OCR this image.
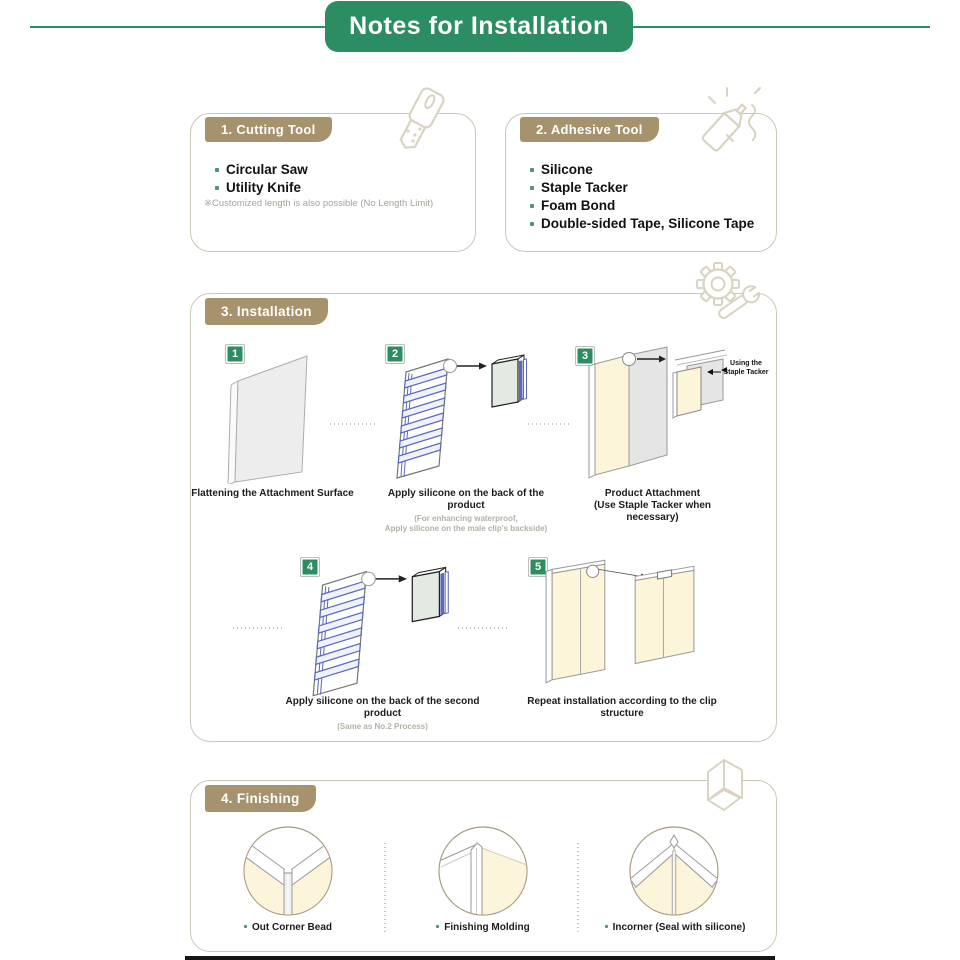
Notes for Installation
1. Cutting Tool
Circular Saw
Utility Knife
※Customized length is also possible (No Length Limit)
2. Adhesive Tool
Silicone
Staple Tacker
Foam Bond
Double-sided Tape, Silicone Tape
3. Installation
1	2	3
Using the
Staple Tacker
Flattening the Attachment Surface	Apply silicone on the back of the product
(For enhancing waterproof,
Apply silicone on the male clip's backside)
Product Attachment
(Use Staple Tacker when necessary)
4	5
Apply silicone on the back of the second product
(Same as No.2 Process)
Repeat installation according to the clip structure
4. Finishing
Out Corner Bead	Finishing Molding	Incorner (Seal with silicone)
